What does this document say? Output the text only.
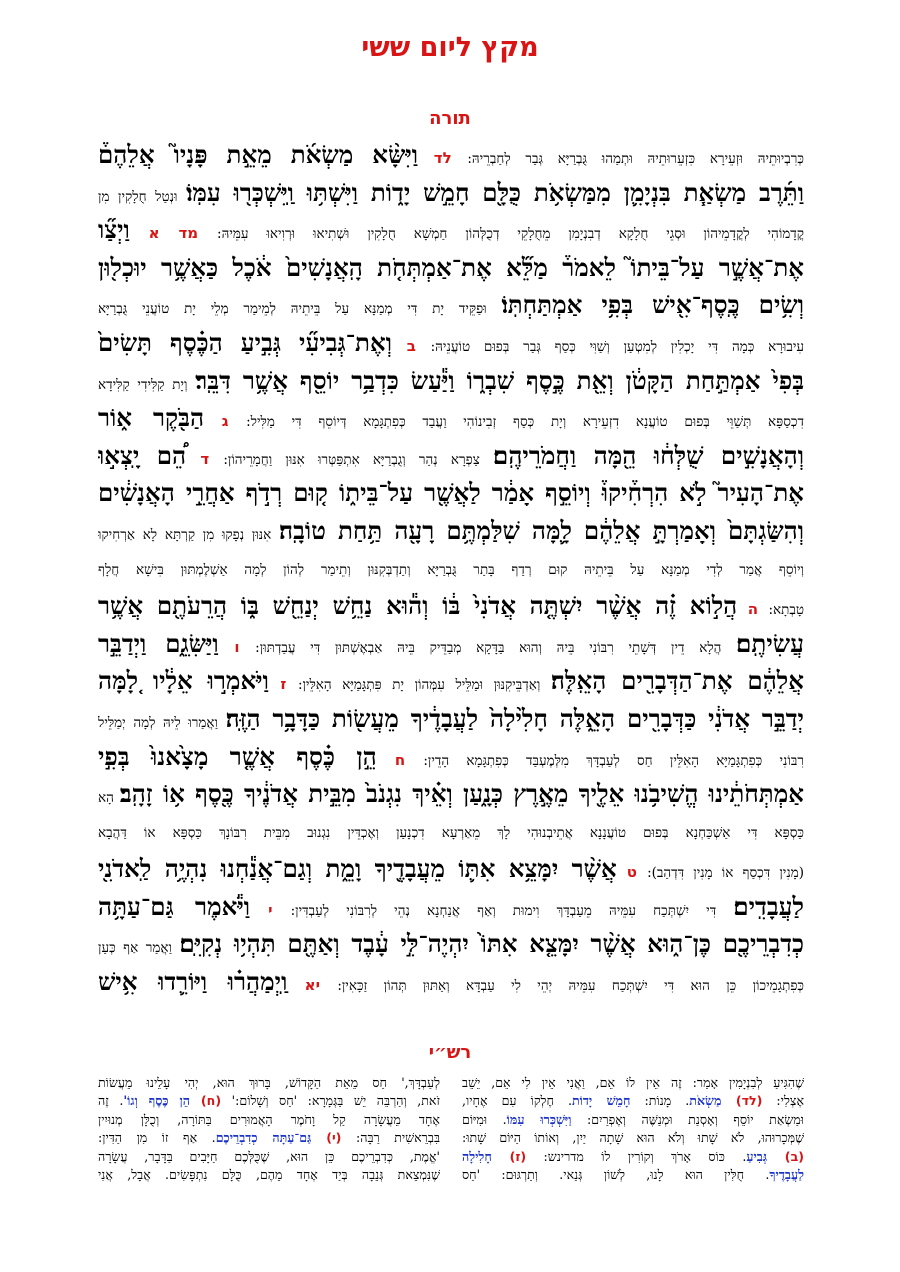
מקץ ליום ששי
תורה
כְּרִבְיוּתֵיהּ וּזְעֵירָא כִּזְעֵרוּתֵיהּ וּתְמַהוּ גֻּבְרַיָּא גְּבַר לְחַבְרֵיהּ: לד וַיִּשָּׂ֨א מַשְׂאֹ֜ת מֵאֵ֣ת פָּנָיו֮ אֲלֵהֶם֒
וַתֵּ֜רֶב מַשְׂאַ֧ת בִּנְיָמִ֛ן מִמַּשְׂאֹ֥ת כֻּלָּ֖ם חָמֵ֣שׁ יָד֑וֹת וַיִּשְׁתּ֥וּ וַֽיִּשְׁכְּר֖וּ עִמּֽוֹ׃ וּנְטַל חֻלָקִין מִן
קֳדָמוֹהִי לְקֳדָמֵיהוֹן וּסְגֵי חֻלָקָא דְבִנְיָמִן מֵחֻלָקֵי דְכֻלְּהוֹן חַמְשָׁא חֻלָקִין וּשְׁתִיאוּ וּרְוִיאוּ עִמֵּיהּ: מד א וַיְצַ֞ו
אֶת־אֲשֶׁ֣ר עַל־בֵּיתוֹ֮ לֵאמֹר֒ מַלֵּ֞א אֶת־אַמְתְּחֹ֤ת הָֽאֲנָשִׁים֙ אֹ֔כֶל כַּאֲשֶׁ֥ר יוּכְל֖וּן
וְשִׂ֥ים כֶּֽסֶף־אִ֖ישׁ בְּפִ֥י אַמְתַּחְתּֽוֹ׃ וּפַקֵּיד יָת דִּי מְמַנָּא עַל בֵּיתֵיהּ לְמֵימַר מְלֵי יָת טוֹעֲנֵי גֻּבְרַיָּא
עִיבוּרָא כְּמָה דִּי יָכְלִין לְמִטְעַן וְשַׁוִּי כְּסַף גְּבַר בְּפוּם טוֹעֲנֵיהּ: ב וְאֶת־גְּבִיעִ֞י גְּבִ֣יעַ הַכֶּ֗סֶף תָּשִׂים֙
בְּפִי֙ אַמְתַּ֣חַת הַקָּטֹ֔ן וְאֵ֖ת כֶּ֣סֶף שִׁבְר֑וֹ וַיַּ֕עַשׂ כִּדְבַ֥ר יוֹסֵ֖ף אֲשֶׁ֥ר דִּבֵּֽר׃ וְיָת קַלִּידִי קַלִּידָא
דִכְסַפָּא תְּשַׁוֵּי בְּפוּם טוֹעֲנָא דִזְעֵירָא וְיָת כְּסַף זְבִינוֹהִי וַעֲבַד כְּפִתְגָּמָא דְּיוֹסֵף דִּי מַלִּיל: ג הַבֹּ֖קֶר א֑וֹר
וְהָאֲנָשִׁ֣ים שֻׁלְּח֔וּ הֵ֖מָּה וַחֲמֹרֵיהֶֽם׃ צַפְרָא נְהַר וְגֻבְרַיָּא אִתְפַּטְּרוּ אִנּוּן וַחֲמָרֵיהוֹן: ד הֵ֠ם יָֽצְא֣וּ
אֶת־הָעִיר֮ לֹ֣א הִרְחִ֒יקוּ֒ וְיוֹסֵ֣ף אָמַ֔ר לַאֲשֶׁ֖ר עַל־בֵּית֑וֹ ק֚וּם רְדֹ֣ף אַחֲרֵ֣י הָאֲנָשִׁ֔ים
וְהִשַּׂגְתָּם֙ וְאָמַרְתָּ֣ אֲלֵהֶ֔ם לָ֛מָּה שִׁלַּמְתֶּ֥ם רָעָ֖ה תַּ֥חַת טוֹבָֽה׃ אִנּוּן נְפָקוּ מִן קַרְתָּא לָא אַרְחִיקוּ
וְיוֹסֵף אֲמַר לְדִי מְמַנָּא עַל בֵּיתֵיהּ קוּם רְדַף בָּתַר גֻּבְרַיָּא וְתַדְבְּקִנּוּן וְתֵימַר לְהוֹן לְמָה אַשְׁלֶמְתּוּן בִּישָׁא חֲלָף
טָבְתָא: ה הֲל֣וֹא זֶ֗ה אֲשֶׁ֨ר יִשְׁתֶּ֤ה אֲדֹנִי֙ בּ֔וֹ וְה֕וּא נַחֵ֥שׁ יְנַחֵ֖שׁ בּ֑וֹ הֲרֵעֹתֶ֖ם אֲשֶׁ֥ר
עֲשִׂיתֶֽם׃ הֲלָא דֵין דְּשָׁתֵי רִבּוֹנִי בֵּיהּ וְהוּא בַּדָּקָא מְבַדֵּיק בֵּיהּ אַבְאֶשְׁתּוּן דִּי עֲבַדְתּוּן: ו וַיַּשִּׂגֵ֑ם וַיְדַבֵּ֣ר
אֲלֵהֶ֔ם אֶת־הַדְּבָרִ֖ים הָאֵֽלֶּה׃ וְאַדְבֵּיקִנּוּן וּמַלֵּיל עִמְּהוֹן יָת פִּתְגָּמַיָּא הָאִלֵּין: ז וַיֹּאמְר֣וּ אֵלָ֔יו לָ֚מָּה
יְדַבֵּ֣ר אֲדֹנִ֔י כַּדְּבָרִ֖ים הָאֵ֑לֶּה חָלִ֙ילָה֙ לַעֲבָדֶ֔יךָ מֵעֲשׂ֖וֹת כַּדָּבָ֥ר הַזֶּֽה׃ וַאֲמַרוּ לֵיהּ לְמָה יְמַלֵּיל
רִבּוֹנִי כְּפִתְגָּמַיָּא הָאִלֵּין חַס לְעַבְדָּךְ מִלְּמֶעְבַּד כְּפִתְגָּמָא הָדֵין: ח הֵ֣ן כֶּ֗סֶף אֲשֶׁ֤ר מָצָ֙אנוּ֙ בְּפִ֣י
אַמְתְּחֹתֵ֔ינוּ הֱשִׁיבֹ֥נוּ אֵלֶ֖יךָ מֵאֶ֣רֶץ כְּנָ֑עַן וְאֵ֗יךְ נִגְנֹב֙ מִבֵּ֣ית אֲדֹנֶ֔יךָ כֶּ֖סֶף א֥וֹ זָהָֽב׃ הָא
כַּסְפָּא דִּי אַשְׁכַּחְנָא בְּפוּם טוֹעֲנָנָא אֲתֵיבְנוּהִי לָךְ מֵאַרְעָא דִכְנָעַן וְאֶכְדֵּין נִגְנוּב מִבֵּית רִבּוֹנָךְ כַּסְפָּא אוֹ דַּהֲבָא
(מָנִין דִּכְסַף אוֹ מָנִין דִּדְהַב): ט אֲשֶׁ֨ר יִמָּצֵ֥א אִתּ֛וֹ מֵעֲבָדֶ֖יךָ וָמֵ֑ת וְגַם־אֲנַ֕חְנוּ נִהְיֶ֥ה לַֽאדֹנִ֖י
לַעֲבָדִֽים׃ דִּי יִשְׁתְּכַח עִמֵּיהּ מֵעַבְדָּךְ וִימוּת וְאַף אֲנַחְנָא נְהֵי לְרִבּוֹנִי לְעַבְדִּין: י וַיֹּ֕אמֶר גַּם־עַתָּ֥ה
כְדִבְרֵיכֶ֖ם כֶּן־ה֑וּא אֲשֶׁ֨ר יִמָּצֵ֤א אִתּוֹ֙ יִהְיֶה־לִּ֣י עָ֔בֶד וְאַתֶּ֖ם תִּהְי֥וּ נְקִיִּֽם׃ וַאֲמַר אַף כְּעַן
כְּפִתְגָמֵיכוֹן כֵּן הוּא דִּי יִשְׁתְּכַח עִמֵּיהּ יְהֵי לִי עַבְדָּא וְאַתּוּן תְּהוֹן זַכָּאִין: יא וַֽיְמַהֲר֗וּ וַיּוֹרִ֛דוּ אִ֥ישׁ
רש״י
שֶׁהִגִּיעַ לְבִנְיָמִין אָמַר: זֶה אֵין לוֹ אֵם, וַאֲנִי אֵין לִי אֵם, יֵשֵׁב
אֶצְלִי: (לד) מַשְׂאֹת. מָנוֹת: חָמֵשׁ יָדוֹת. חֶלְקוֹ עִם אֶחָיו,
וּמַשְׂאַת יוֹסֵף וְאָסְנַת וּמְנַשֶּׁה וְאֶפְרַיִם: וַיִּשְׁכְּרוּ עִמּוֹ. וּמִיּוֹם
שֶׁמְּכָרוּהוּ, לֹא שָׁתוּ וְלֹא הוּא שָׁתָה יַיִן, וְאוֹתוֹ הַיּוֹם שָׁתוּ:
(ב) גְּבִיעַ. כּוֹס אָרֹךְ וְקוֹרִין לוֹ מדרינש: (ז) חָלִילָה
לַעֲבָדֶיךָ. חֻלִּין הוּא לָנוּ, לְשׁוֹן גְּנַאי. וְתַרְגּוּם: 'חַס
לְעַבְדָּךְ,' חַס מֵאֵת הַקָּדוֹשׁ, בָּרוּךְ הוּא, יְהִי עָלֵינוּ מֵעֲשׂוֹת
זֹאת, וְהַרְבֵּה יֵשׁ בַּגְּמָרָא: 'חַס וְשָׁלוֹם:' (ח) הֵן כֶּסֶף וְגוֹ'. זֶה
אֶחָד מֵעֲשָׂרָה קַל וָחֹמֶר הָאֲמוּרִים בַּתּוֹרָה, וְכֻלָּן מְנוּיִין
בִּבְרֵאשִׁית רַבָּה: (י) גַּם־עַתָּה כְדִבְרֵיכֶם. אַף זוֹ מִן הַדִּין:
'אֱמֶת, כְּדִבְרֵיכֶם כֵּן הוּא, שֶׁכֻּלְּכֶם חַיָּבִים בַּדָּבָר, עֲשָׂרָה
שֶׁנִּמְצֵאת גְּנֵבָה בְּיַד אֶחָד מֵהֶם, כֻּלָּם נִתְפָּשִׂים. אֲבָל, אֲנִי
